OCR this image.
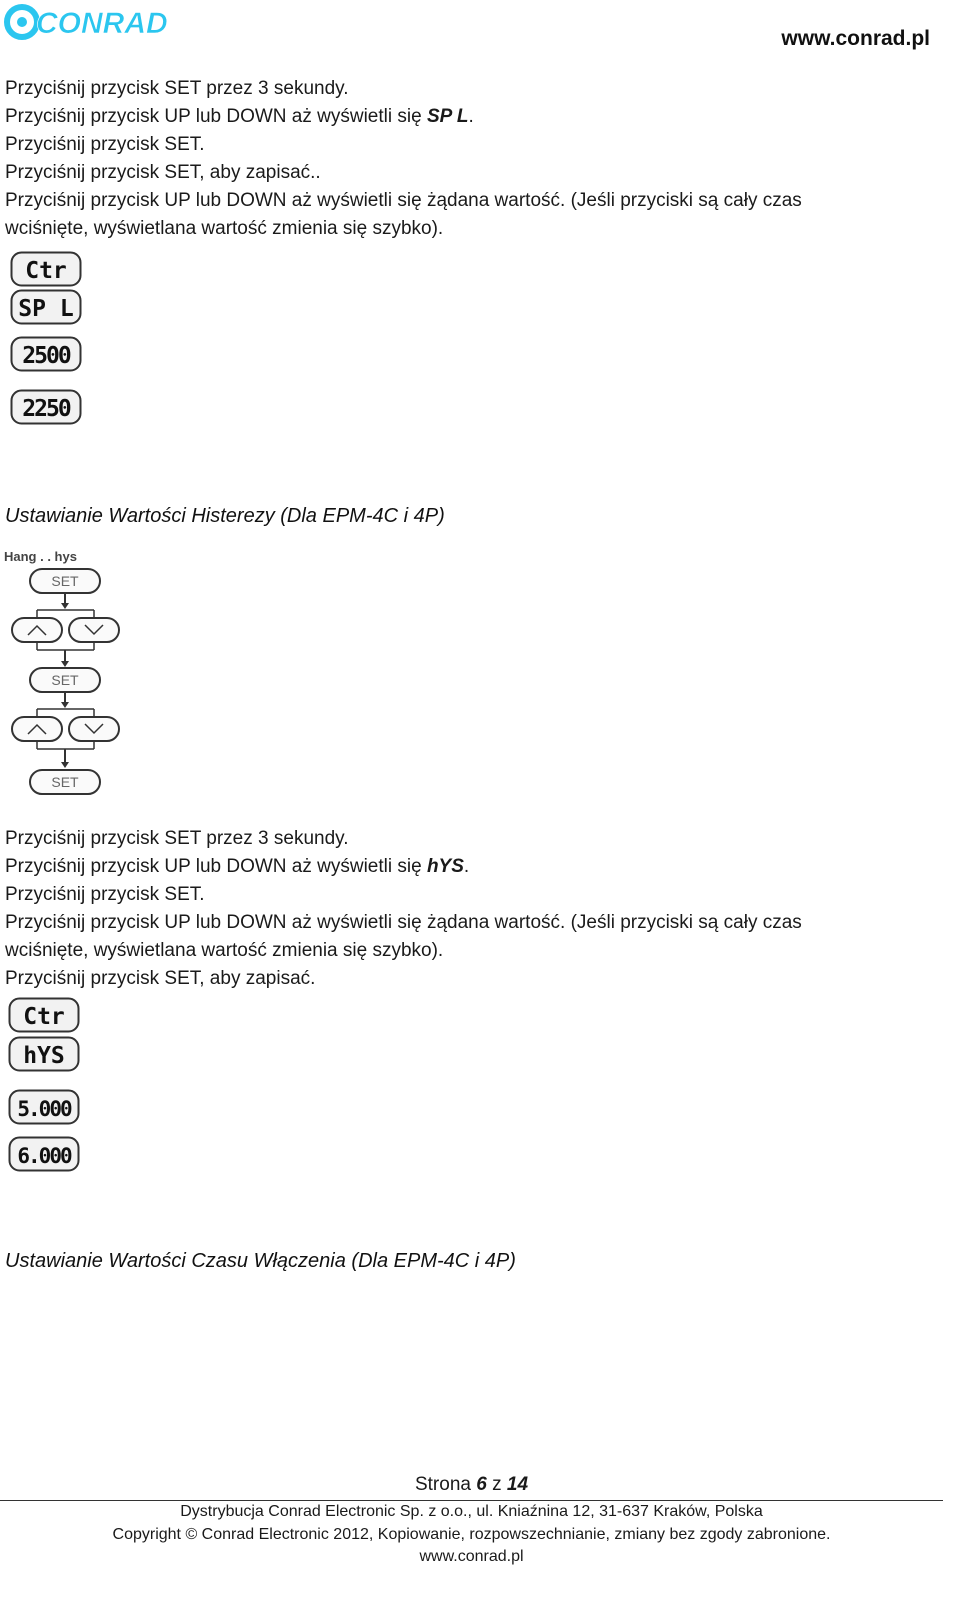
CONRAD	www.conrad.pl
Przyciśnij przycisk SET przez 3 sekundy.
Przyciśnij przycisk UP lub DOWN aż wyświetli się SP L.
Przyciśnij przycisk SET.
Przyciśnij przycisk SET, aby zapisać..
Przyciśnij przycisk UP lub DOWN aż wyświetli się żądana wartość. (Jeśli przyciski są cały czas
wciśnięte, wyświetlana wartość zmienia się szybko).
Ctr
SP L
2500
2250
Ustawianie Wartości Histerezy (Dla EPM-4C i 4P)
Hang . . hys
SET
SET
SET
Przyciśnij przycisk SET przez 3 sekundy.
Przyciśnij przycisk UP lub DOWN aż wyświetli się hYS.
Przyciśnij przycisk SET.
Przyciśnij przycisk UP lub DOWN aż wyświetli się żądana wartość. (Jeśli przyciski są cały czas
wciśnięte, wyświetlana wartość zmienia się szybko).
Przyciśnij przycisk SET, aby zapisać.
Ctr
hYS
5.000
6.000
Ustawianie Wartości Czasu Włączenia (Dla EPM-4C i 4P)
Strona 6 z 14
Dystrybucja Conrad Electronic Sp. z o.o., ul. Kniaźnina 12, 31-637 Kraków, Polska
Copyright © Conrad Electronic 2012, Kopiowanie, rozpowszechnianie, zmiany bez zgody zabronione.
www.conrad.pl
